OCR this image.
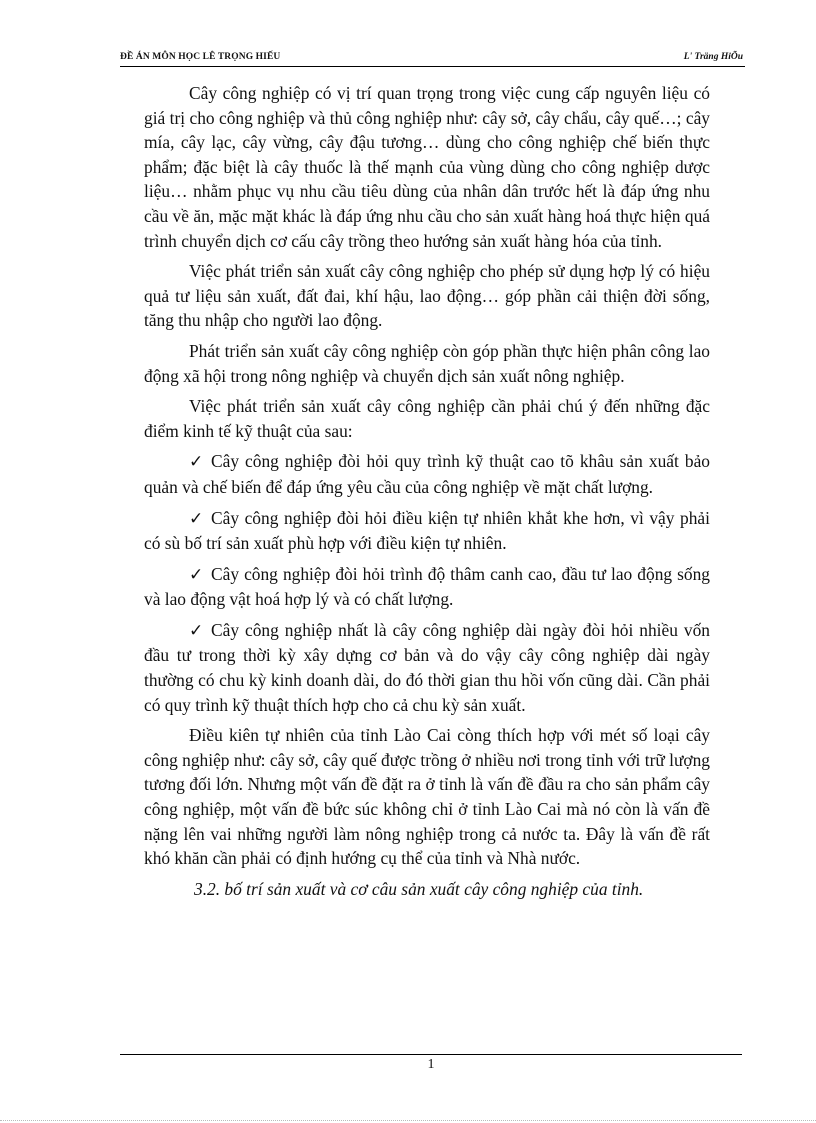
ĐỀ ÁN MÔN HỌC LÊ TRỌNG HIẾU	L' Träng HiÕu

Cây công nghiệp có vị trí quan trọng trong việc cung cấp nguyên liệu có giá trị cho công nghiệp và thủ công nghiệp như: cây sở, cây chẩu, cây quế…; cây mía, cây lạc, cây vừng, cây đậu tương… dùng cho công nghiệp chế biến thực phẩm; đặc biệt là cây thuốc là thế mạnh của vùng dùng cho công nghiệp dược liệu… nhằm phục vụ nhu cầu tiêu dùng của nhân dân trước hết là đáp ứng nhu cầu về ăn, mặc mặt khác là đáp ứng nhu cầu cho sản xuất hàng hoá thực hiện quá trình chuyển dịch cơ cấu cây trồng theo hướng sản xuất hàng hóa của tỉnh.

Việc phát triển sản xuất cây công nghiệp cho phép sử dụng hợp lý có hiệu quả tư liệu sản xuất, đất đai, khí hậu, lao động… góp phần cải thiện đời sống, tăng thu nhập cho người lao động.

Phát triển sản xuất cây công nghiệp còn góp phần thực hiện phân công lao động xã hội trong nông nghiệp và chuyển dịch sản xuất nông nghiệp.

Việc phát triển sản xuất cây công nghiệp cần phải chú ý đến những đặc điểm kinh tế kỹ thuật của sau:

✓ Cây công nghiệp đòi hỏi quy trình kỹ thuật cao tõ khâu sản xuất bảo quản và chế biến để đáp ứng yêu cầu của công nghiệp về mặt chất lượng.

✓ Cây công nghiệp đòi hỏi điều kiện tự nhiên khắt khe hơn, vì vậy phải có sù bố trí sản xuất phù hợp với điều kiện tự nhiên.

✓ Cây công nghiệp đòi hỏi trình độ thâm canh cao, đầu tư lao động sống và lao động vật hoá hợp lý và có chất lượng.

✓ Cây công nghiệp nhất là cây công nghiệp dài ngày đòi hỏi nhiều vốn đầu tư trong thời kỳ xây dựng cơ bản và do vậy cây công nghiệp dài ngày thường có chu kỳ kinh doanh dài, do đó thời gian thu hồi vốn cũng dài. Cần phải có quy trình kỹ thuật thích hợp cho cả chu kỳ sản xuất.

Điều kiên tự nhiên của tỉnh Lào Cai còng thích hợp với mét số loại cây công nghiệp như: cây sở, cây quế được trồng ở nhiều nơi trong tỉnh với trữ lượng tương đối lớn. Nhưng một vấn đề đặt ra ở tỉnh là vấn đề đầu ra cho sản phẩm cây công nghiệp, một vấn đề bức súc không chỉ ở tỉnh Lào Cai mà nó còn là vấn đề nặng lên vai những người làm nông nghiệp trong cả nước ta. Đây là vấn đề rất khó khăn cần phải có định hướng cụ thể của tỉnh và Nhà nước.

3.2. bố trí sản xuất và cơ câu sản xuất cây công nghiệp của tỉnh.

1
